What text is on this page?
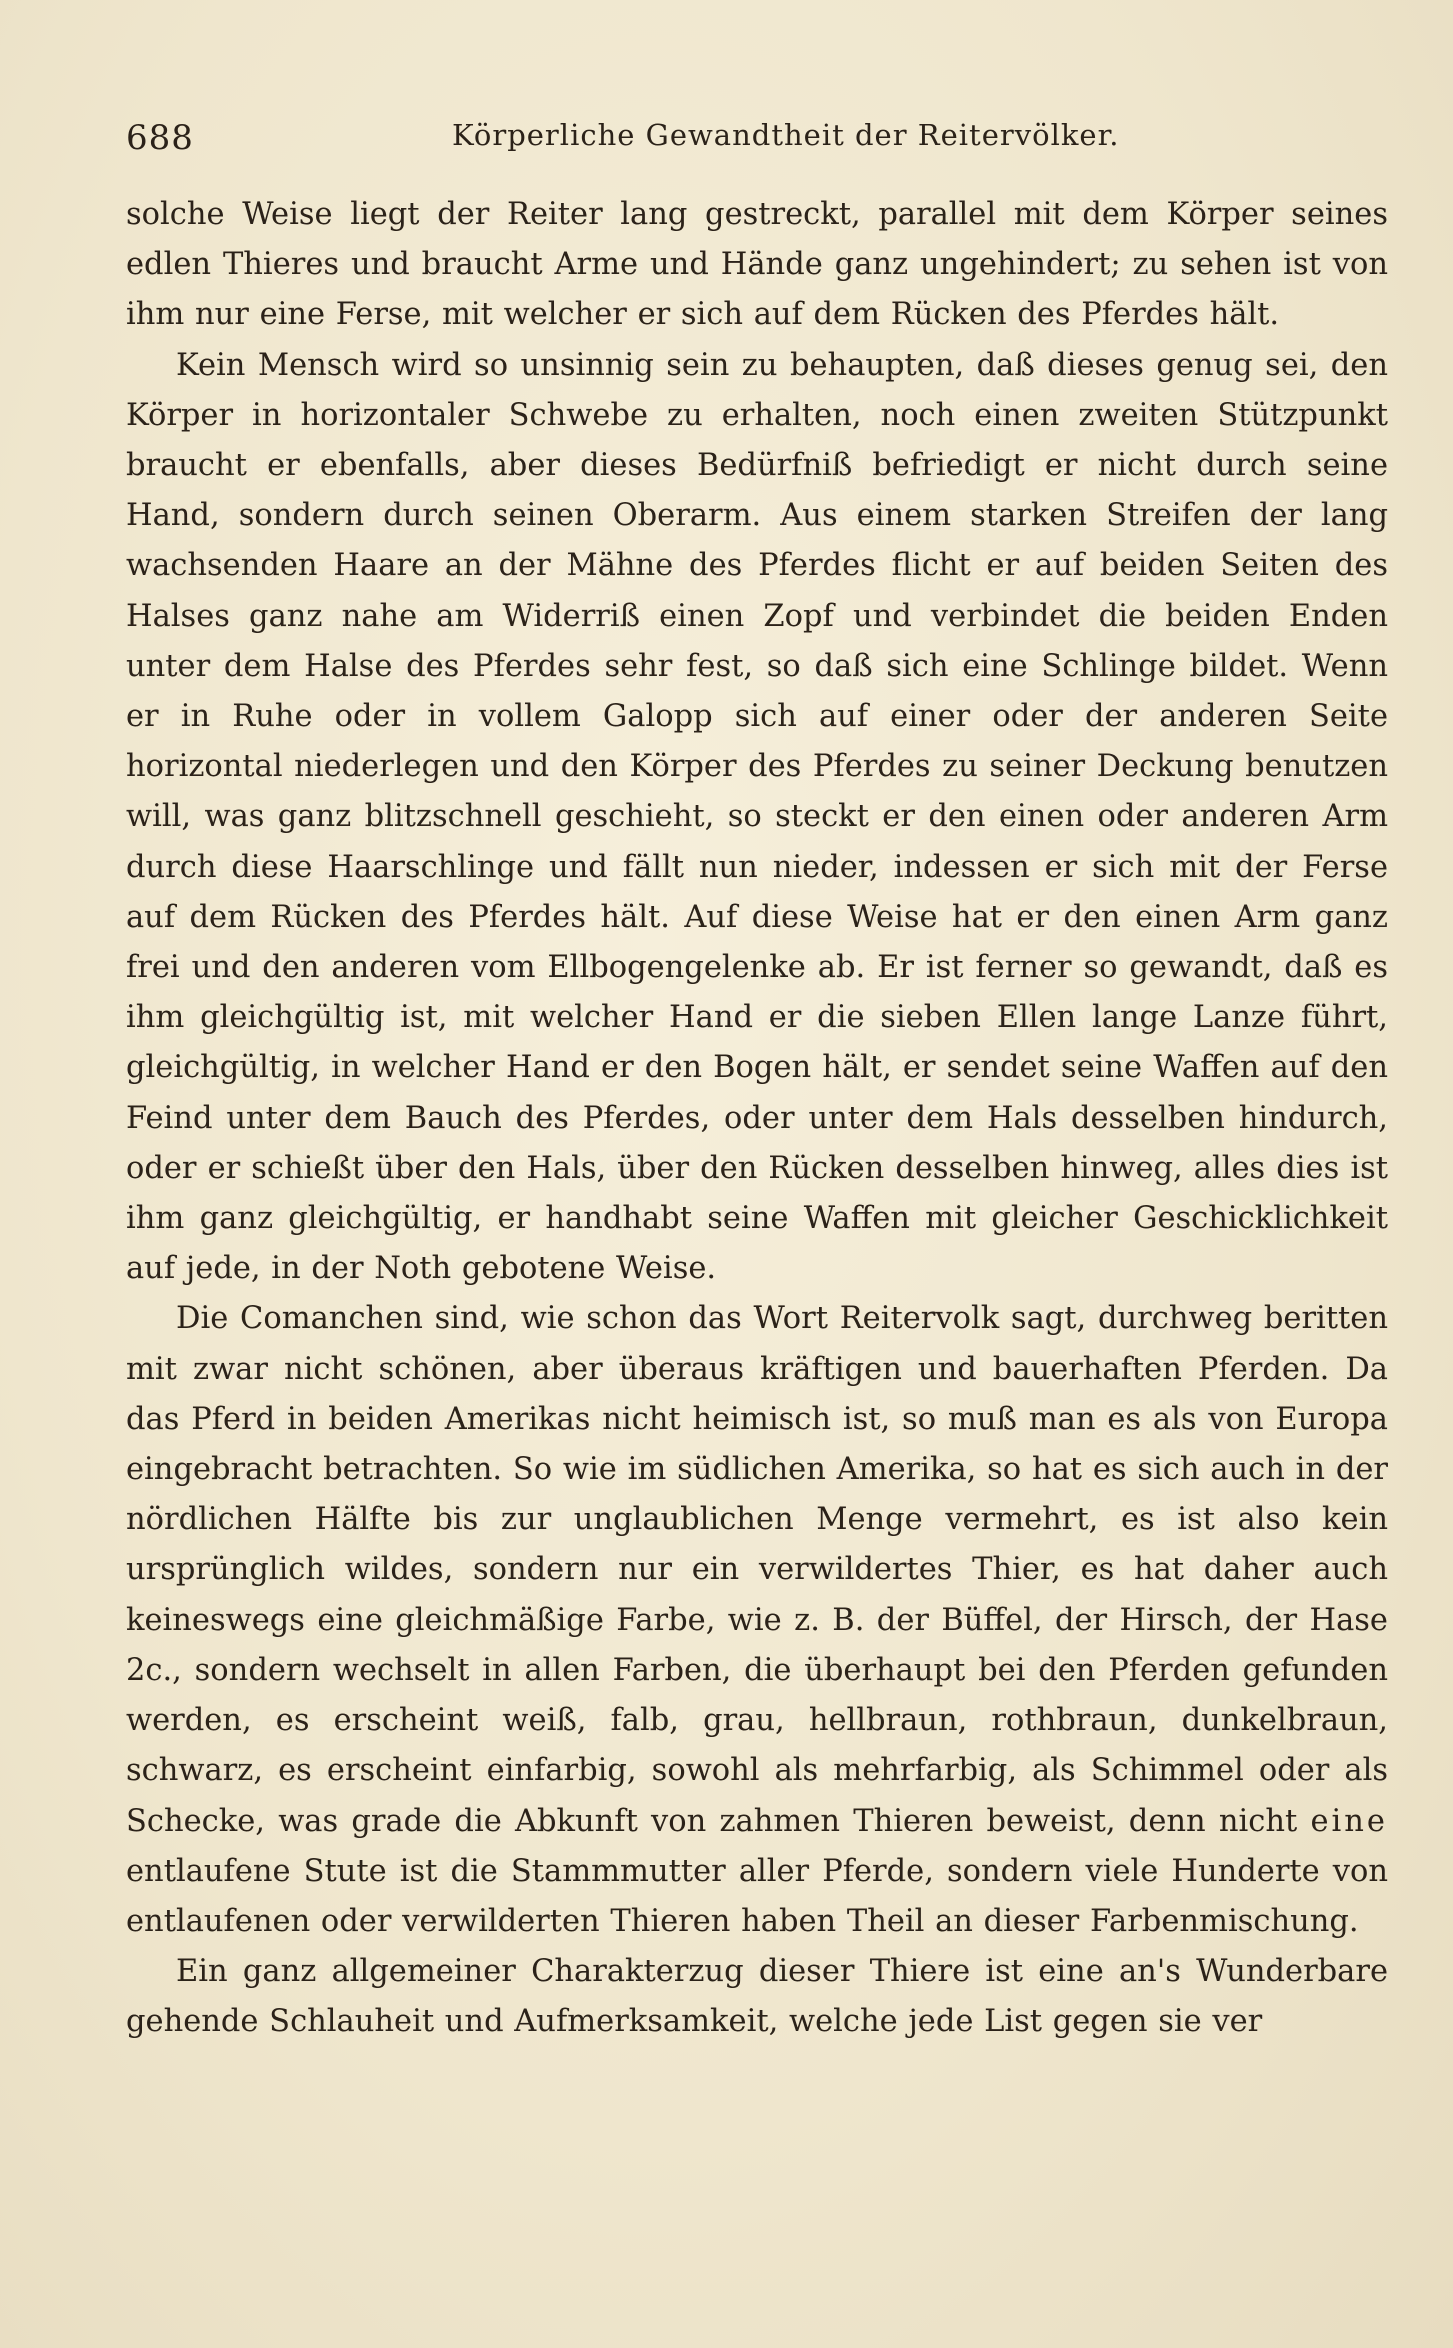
688	Körperliche Gewandtheit der Reitervölker.

solche Weise liegt der Reiter lang gestreckt, parallel mit dem Körper seines edlen Thieres und braucht Arme und Hände ganz ungehindert; zu sehen ist von ihm nur eine Ferse, mit welcher er sich auf dem Rücken des Pferdes hält.

Kein Mensch wird so unsinnig sein zu behaupten, daß dieses genug sei, den Körper in horizontaler Schwebe zu erhalten, noch einen zweiten Stützpunkt braucht er ebenfalls, aber dieses Bedürfniß befriedigt er nicht durch seine Hand, sondern durch seinen Oberarm. Aus einem starken Streifen der lang wachsenden Haare an der Mähne des Pferdes flicht er auf beiden Seiten des Halses ganz nahe am Widerriß einen Zopf und verbindet die beiden Enden unter dem Halse des Pferdes sehr fest, so daß sich eine Schlinge bildet. Wenn er in Ruhe oder in vollem Galopp sich auf einer oder der anderen Seite horizontal niederlegen und den Körper des Pferdes zu seiner Deckung benutzen will, was ganz blitzschnell geschieht, so steckt er den einen oder anderen Arm durch diese Haarschlinge und fällt nun nieder, indessen er sich mit der Ferse auf dem Rücken des Pferdes hält. Auf diese Weise hat er den einen Arm ganz frei und den anderen vom Ellbogengelenke ab. Er ist ferner so gewandt, daß es ihm gleichgültig ist, mit welcher Hand er die sieben Ellen lange Lanze führt, gleichgültig, in welcher Hand er den Bogen hält, er sendet seine Waffen auf den Feind unter dem Bauch des Pferdes, oder unter dem Hals desselben hindurch, oder er schießt über den Hals, über den Rücken desselben hinweg, alles dies ist ihm ganz gleichgültig, er handhabt seine Waffen mit gleicher Geschicklichkeit auf jede, in der Noth gebotene Weise.

Die Comanchen sind, wie schon das Wort Reitervolk sagt, durchweg beritten mit zwar nicht schönen, aber überaus kräftigen und bauerhaften Pferden. Da das Pferd in beiden Amerikas nicht heimisch ist, so muß man es als von Europa eingebracht betrachten. So wie im südlichen Amerika, so hat es sich auch in der nördlichen Hälfte bis zur unglaublichen Menge vermehrt, es ist also kein ursprünglich wildes, sondern nur ein verwildertes Thier, es hat daher auch keineswegs eine gleichmäßige Farbe, wie z. B. der Büffel, der Hirsch, der Hase 2c., sondern wechselt in allen Farben, die überhaupt bei den Pferden gefunden werden, es erscheint weiß, falb, grau, hellbraun, rothbraun, dunkelbraun, schwarz, es erscheint einfarbig, sowohl als mehrfarbig, als Schimmel oder als Schecke, was grade die Abkunft von zahmen Thieren beweist, denn nicht eine entlaufene Stute ist die Stammmutter aller Pferde, sondern viele Hunderte von entlaufenen oder verwilderten Thieren haben Theil an dieser Farbenmischung.

Ein ganz allgemeiner Charakterzug dieser Thiere ist eine an's Wunderbare gehende Schlauheit und Aufmerksamkeit, welche jede List gegen sie ver
